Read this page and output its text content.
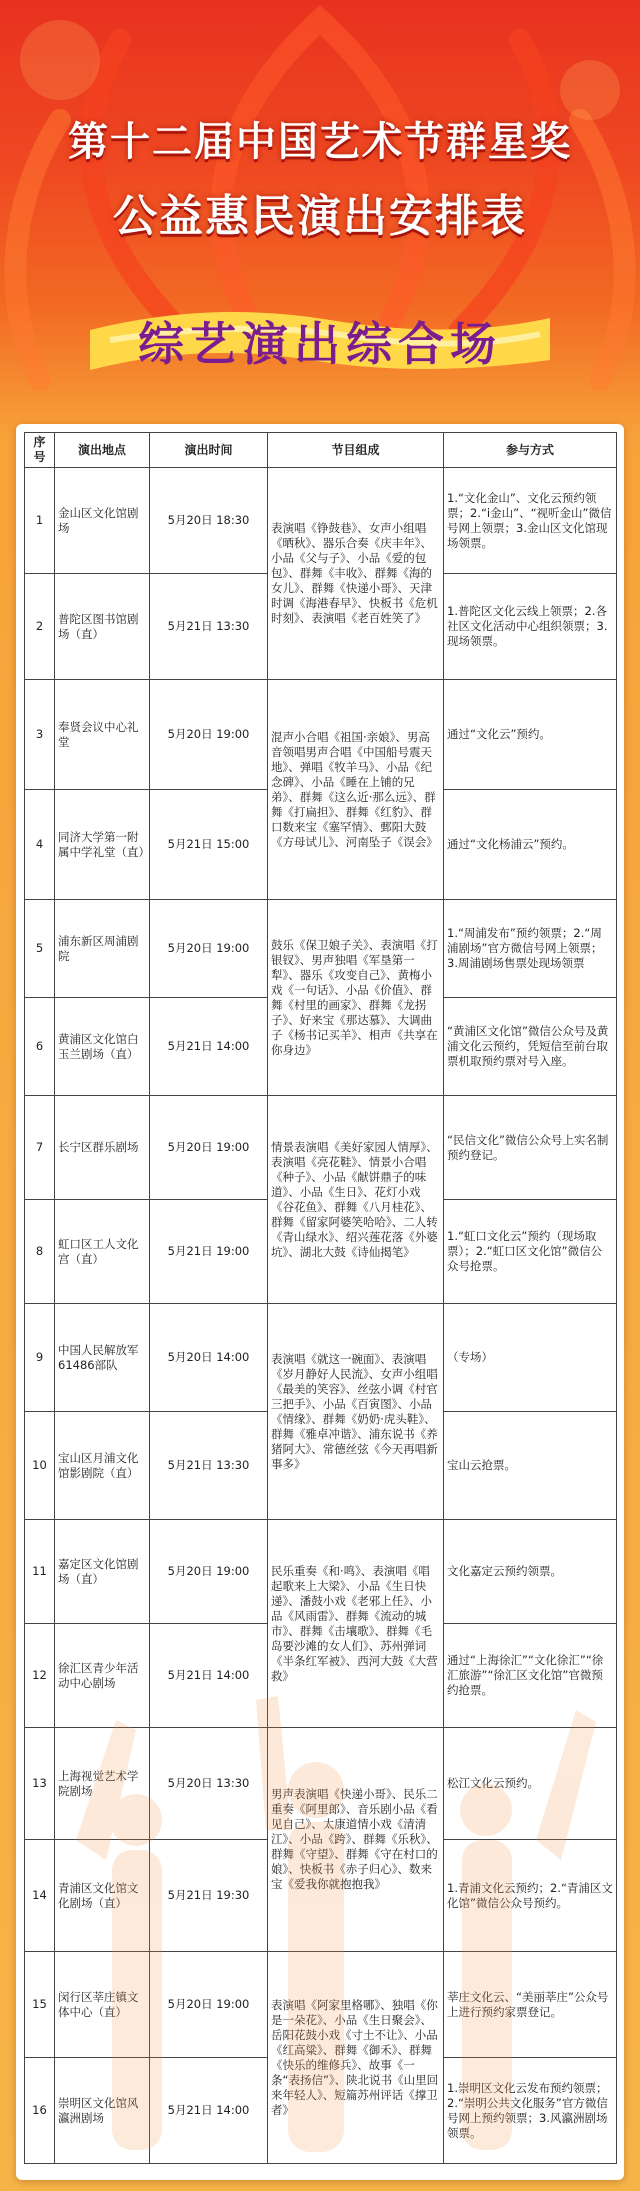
第十二届中国艺术节群星奖
公益惠民演出安排表
综艺演出综合场
序号	演出地点	演出时间	节目组成	参与方式
1	金山区文化馆剧场	5月20日 18:30	表演唱《铮鼓巷》、女声小组唱《晒秋》、器乐合奏《庆丰年》、小品《父与子》、小品《爱的包包》、群舞《丰收》、群舞《海的女儿》、群舞《快递小哥》、天津时调《海港春早》、快板书《危机时刻》、表演唱《老百姓笑了》	1.“文化金山”、文化云预约领票；2.“i金山”、“视听金山”微信号网上领票；3.金山区文化馆现场领票。
2	普陀区图书馆剧场（直）	5月21日 13:30		1.普陀区文化云线上领票；2.各社区文化活动中心组织领票；3.现场领票。
3	奉贤会议中心礼堂	5月20日 19:00	混声小合唱《祖国·亲娘》、男高音领唱男声合唱《中国船号震天地》、弹唱《牧羊马》、小品《纪念碑》、小品《睡在上铺的兄弟》、群舞《这么近·那么远》、群舞《打扁担》、群舞《红豹》、群口数来宝《塞罕情》、鄄阳大鼓《方母试儿》、河南坠子《误会》	通过“文化云”预约。
4	同济大学第一附属中学礼堂（直）	5月21日 15:00		通过“文化杨浦云”预约。
5	浦东新区周浦剧院	5月20日 19:00	鼓乐《保卫娘子关》、表演唱《打银钗》、男声独唱《军垦第一犁》、器乐《攻变自己》、黄梅小戏《一句话》、小品《价值》、群舞《村里的画家》、群舞《龙拐子》、好来宝《那达慕》、大调曲子《杨书记买羊》、相声《共享在你身边》	1.“周浦发布”预约领票；2.“周浦剧场”官方微信号网上领票；3.周浦剧场售票处现场领票
6	黄浦区文化馆白玉兰剧场（直）	5月21日 14:00		“黄浦区文化馆”微信公众号及黄浦文化云预约，凭短信至前台取票机取预约票对号入座。
7	长宁区群乐剧场	5月20日 19:00	情景表演唱《美好家园人情厚》、表演唱《亮花鞋》、情景小合唱《种子》、小品《献饼鼎子的味道》、小品《生日》、花灯小戏《谷花鱼》、群舞《八月桂花》、群舞《留家阿婆笑哈哈》、二人转《青山绿水》、绍兴莲花落《外婆坑》、湖北大鼓《诗仙揭笔》	“民信文化”微信公众号上实名制预约登记。
8	虹口区工人文化宫（直）	5月21日 19:00		1.“虹口文化云”预约（现场取票）；2.“虹口区文化馆”微信公众号抢票。
9	中国人民解放军61486部队	5月20日 14:00	表演唱《就这一碗面》、表演唱《岁月静好人民流》、女声小组唱《最美的笑容》、丝弦小调《村官三把手》、小品《百寅图》、小品《情缘》、群舞《奶奶·虎头鞋》、群舞《雅卓冲谐》、浦东说书《养猪阿大》、常德丝弦《今天再唱新事多》	（专场）
10	宝山区月浦文化馆影剧院（直）	5月21日 13:30		宝山云抢票。
11	嘉定区文化馆剧场（直）	5月20日 19:00	民乐重奏《和·鸣》、表演唱《唱起歌来上大梁》、小品《生日快递》、潘鼓小戏《老邪上任》、小品《风雨雷》、群舞《流动的城市》、群舞《击壤歌》、群舞《毛岛要沙滩的女人们》、苏州弹词《半条红军被》、西河大鼓《大营救》	文化嘉定云预约领票。
12	徐汇区青少年活动中心剧场	5月21日 14:00		通过“上海徐汇”“文化徐汇”“徐汇旅游”“徐汇区文化馆”官微预约抢票。
13	上海视觉艺术学院剧场	5月20日 13:30	男声表演唱《快递小哥》、民乐二重奏《阿里郎》、音乐剧小品《看见自己》、太康道情小戏《清清江》、小品《跨》、群舞《乐秋》、群舞《守望》、群舞《守在村口的娘》、快板书《赤子归心》、数来宝《爱我你就抱抱我》	松江文化云预约。
14	青浦区文化馆文化剧场（直）	5月21日 19:30		1.青浦文化云预约；2.“青浦区文化馆”微信公众号预约。
15	闵行区莘庄镇文体中心（直）	5月20日 19:00	表演唱《阿家里格哪》、独唱《你是一朵花》、小品《生日聚会》、岳阳花鼓小戏《寸土不让》、小品《红高粱》、群舞《御禾》、群舞《快乐的维修兵》、故事《一条“表扬信”》、陕北说书《山里回来年轻人》、短篇苏州评话《撑卫者》	莘庄文化云、“美丽莘庄”公众号上进行预约家票登记。
16	崇明区文化馆风瀛洲剧场	5月21日 14:00		1.崇明区文化云发布预约领票；2.“崇明公共文化服务”官方微信号网上预约领票；3.风瀛洲剧场领票。
